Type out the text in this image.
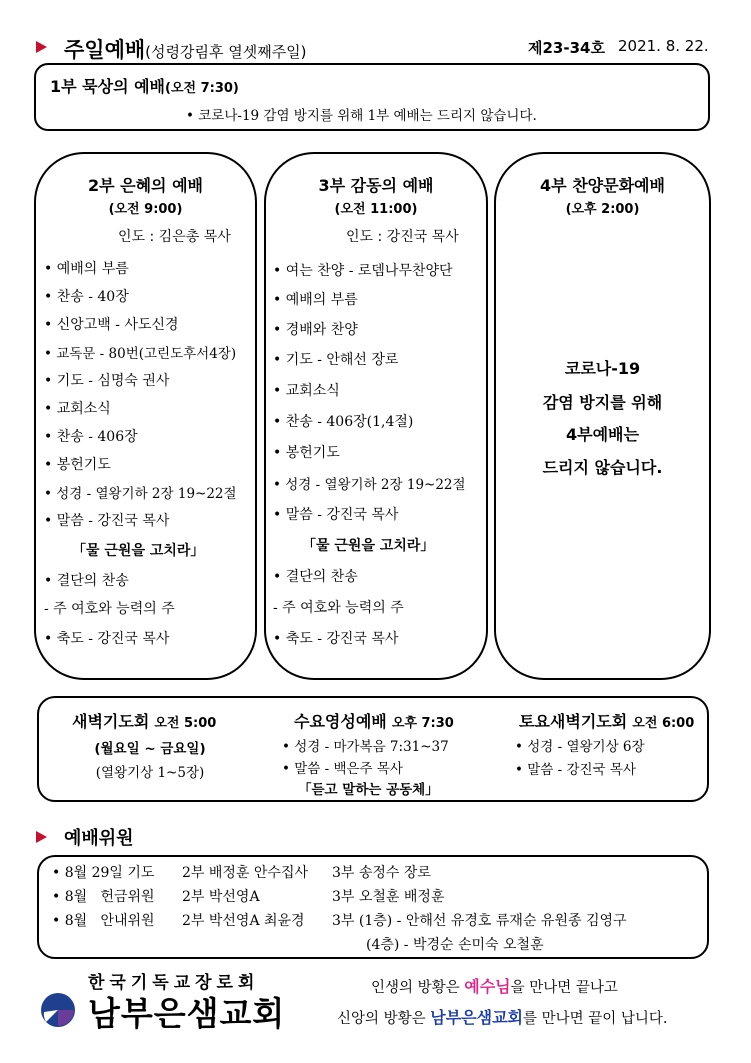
주일예배(성령강림후 열셋째주일)	제23-34호 2021. 8. 22.
1부 묵상의 예배(오전 7:30)
• 코로나-19 감염 방지를 위해 1부 예배는 드리지 않습니다.
2부 은혜의 예배
(오전 9:00)
인도 : 김은총 목사
• 예배의 부름
• 찬송 - 40장
• 신앙고백 - 사도신경
• 교독문 - 80번(고린도후서4장)
• 기도 - 심명숙 권사
• 교회소식
• 찬송 - 406장
• 봉헌기도
• 성경 - 열왕기하 2장 19~22절
• 말씀 - 강진국 목사
「물 근원을 고치라」
• 결단의 찬송
- 주 여호와 능력의 주
• 축도 - 강진국 목사
3부 감동의 예배
(오전 11:00)
인도 : 강진국 목사
• 여는 찬양 - 로뎀나무찬양단
• 예배의 부름
• 경배와 찬양
• 기도 - 안해선 장로
• 교회소식
• 찬송 - 406장(1,4절)
• 봉헌기도
• 성경 - 열왕기하 2장 19~22절
• 말씀 - 강진국 목사
「물 근원을 고치라」
• 결단의 찬송
- 주 여호와 능력의 주
• 축도 - 강진국 목사
4부 찬양문화예배
(오후 2:00)
코로나-19
감염 방지를 위해
4부예배는
드리지 않습니다.
새벽기도회 오전 5:00
(월요일 ~ 금요일)
(열왕기상 1~5장)
수요영성예배 오후 7:30
• 성경 - 마가복음 7:31~37
• 말씀 - 백은주 목사
「듣고 말하는 공동체」
토요새벽기도회 오전 6:00
• 성경 - 열왕기상 6장
• 말씀 - 강진국 목사
예배위원
• 8월 29일 기도 2부 배정훈 안수집사 3부 송정수 장로
• 8월   헌금위원 2부 박선영A	3부 오철훈 배정훈
• 8월   안내위원 2부 박선영A 최윤경 3부 (1층) - 안해선 유경호 류재순 유원종 김영구
(4층) - 박경순 손미숙 오철훈
한국기독교장로회
남부은샘교회
인생의 방황은 예수님을 만나면 끝나고
신앙의 방황은 남부은샘교회를 만나면 끝이 납니다.
